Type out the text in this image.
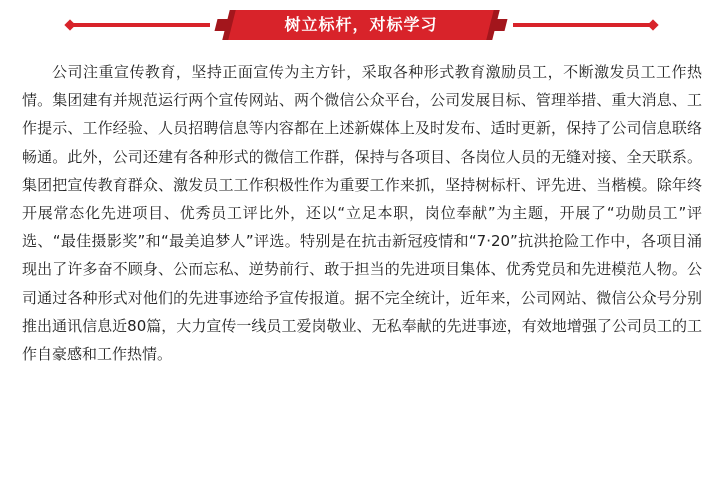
树立标杆，对标学习

公司注重宣传教育，坚持正面宣传为主方针，采取各种形式教育激励员工，不断激发员工工作热情。集团建有并规范运行两个宣传网站、两个微信公众平台，公司发展目标、管理举措、重大消息、工作提示、工作经验、人员招聘信息等内容都在上述新媒体上及时发布、适时更新，保持了公司信息联络畅通。此外，公司还建有各种形式的微信工作群，保持与各项目、各岗位人员的无缝对接、全天联系。集团把宣传教育群众、激发员工工作积极性作为重要工作来抓，坚持树标杆、评先进、当楷模。除年终开展常态化先进项目、优秀员工评比外，还以“立足本职，岗位奉献”为主题，开展了“功勋员工”评选、“最佳摄影奖”和“最美追梦人”评选。特别是在抗击新冠疫情和“7·20”抗洪抢险工作中，各项目涌现出了许多奋不顾身、公而忘私、逆势前行、敢于担当的先进项目集体、优秀党员和先进模范人物。公司通过各种形式对他们的先进事迹给予宣传报道。据不完全统计，近年来，公司网站、微信公众号分别推出通讯信息近80篇，大力宣传一线员工爱岗敬业、无私奉献的先进事迹，有效地增强了公司员工的工作自豪感和工作热情。
